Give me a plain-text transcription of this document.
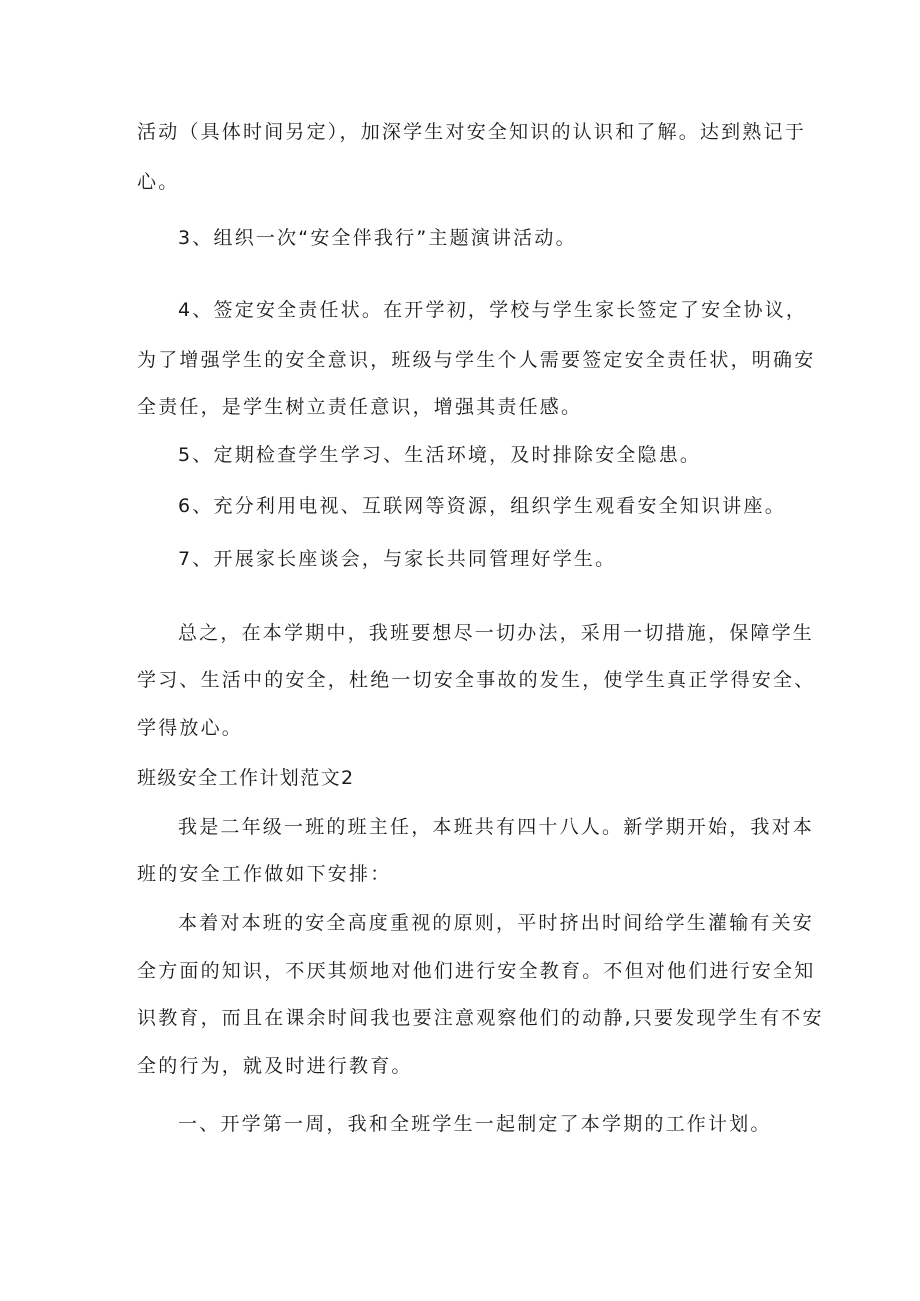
活动（具体时间另定），加深学生对安全知识的认识和了解。达到熟记于
心。
3、组织一次“安全伴我行”主题演讲活动。
4、签定安全责任状。在开学初，学校与学生家长签定了安全协议，
为了增强学生的安全意识，班级与学生个人需要签定安全责任状，明确安
全责任，是学生树立责任意识，增强其责任感。
5、定期检查学生学习、生活环境，及时排除安全隐患。
6、充分利用电视、互联网等资源，组织学生观看安全知识讲座。
7、开展家长座谈会，与家长共同管理好学生。
总之，在本学期中，我班要想尽一切办法，采用一切措施，保障学生
学习、生活中的安全，杜绝一切安全事故的发生，使学生真正学得安全、
学得放心。
班级安全工作计划范文2
我是二年级一班的班主任，本班共有四十八人。新学期开始，我对本
班的安全工作做如下安排：
本着对本班的安全高度重视的原则，平时挤出时间给学生灌输有关安
全方面的知识，不厌其烦地对他们进行安全教育。不但对他们进行安全知
识教育，而且在课余时间我也要注意观察他们的动静,只要发现学生有不安
全的行为，就及时进行教育。
一、开学第一周，我和全班学生一起制定了本学期的工作计划。
